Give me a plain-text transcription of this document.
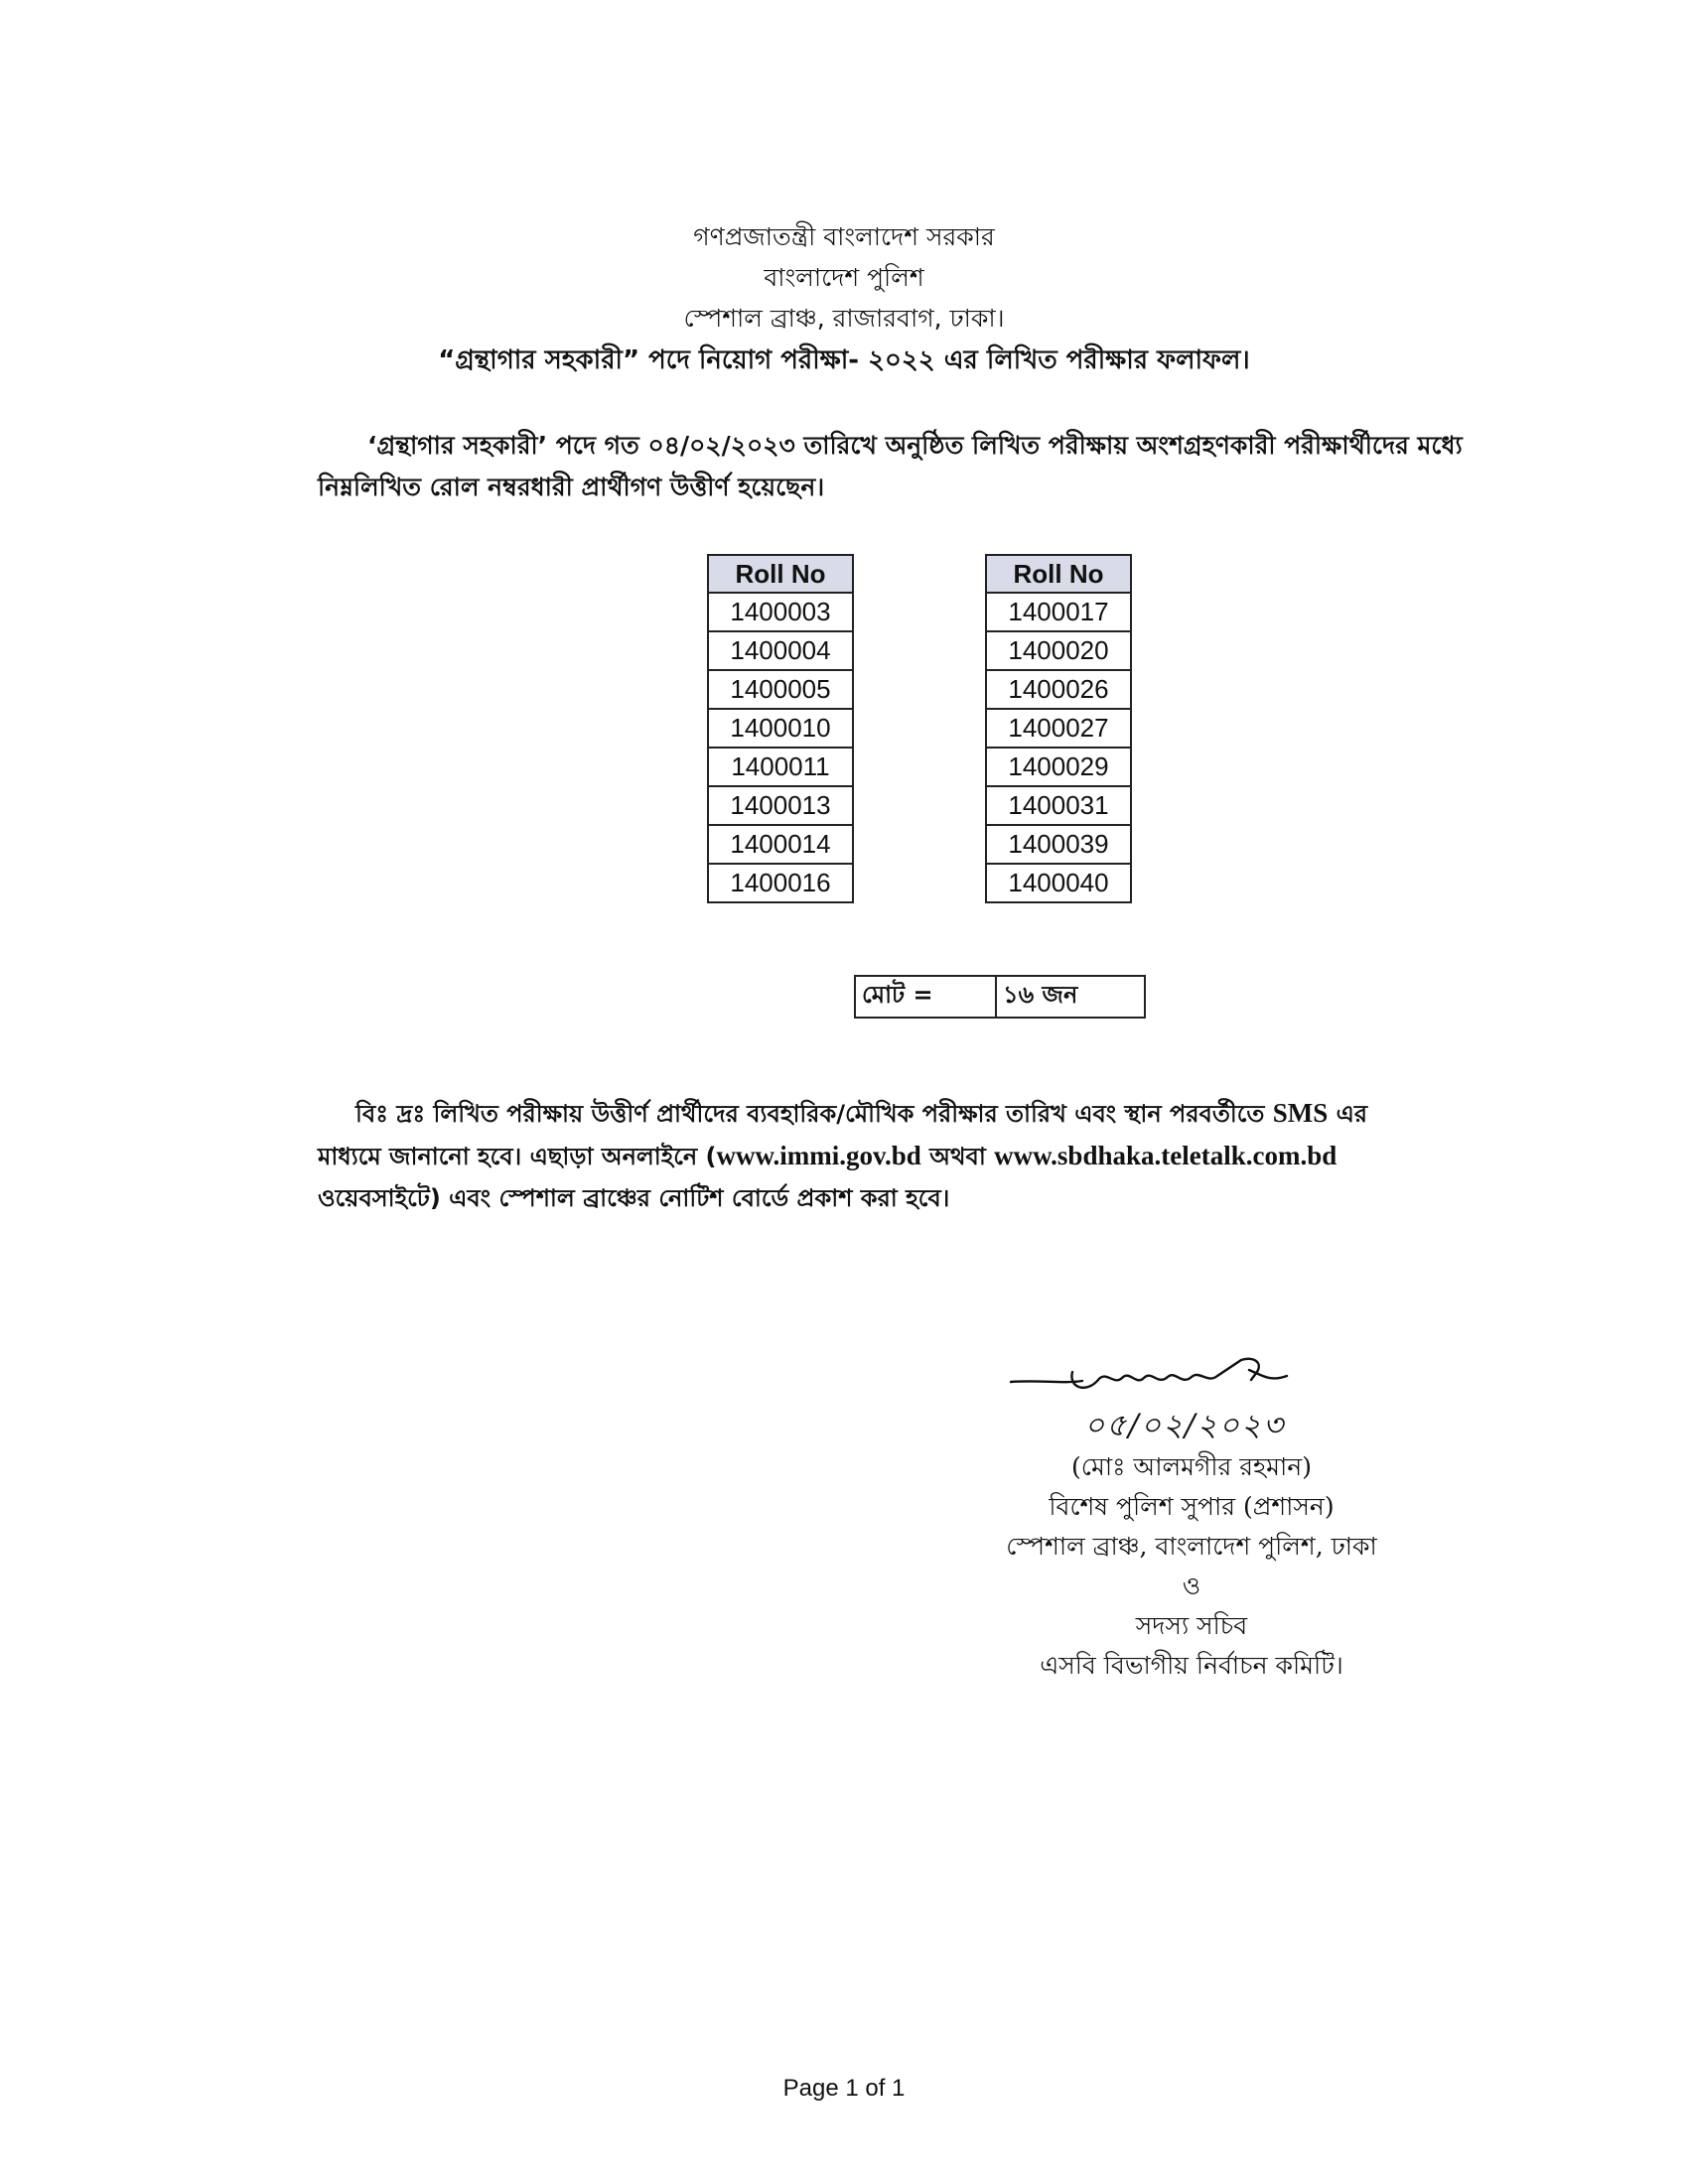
গণপ্রজাতন্ত্রী বাংলাদেশ সরকার
বাংলাদেশ পুলিশ
স্পেশাল ব্রাঞ্চ, রাজারবাগ, ঢাকা।
“গ্রন্থাগার সহকারী” পদে নিয়োগ পরীক্ষা- ২০২২ এর লিখিত পরীক্ষার ফলাফল।
‘গ্রন্থাগার সহকারী’ পদে গত ০৪/০২/২০২৩ তারিখে অনুষ্ঠিত লিখিত পরীক্ষায় অংশগ্রহণকারী পরীক্ষার্থীদের মধ্যে নিম্নলিখিত রোল নম্বরধারী প্রার্থীগণ উত্তীর্ণ হয়েছেন।
Roll No
1400003
1400004
1400005
1400010
1400011
1400013
1400014
1400016
Roll No
1400017
1400020
1400026
1400027
1400029
1400031
1400039
1400040
মোট =	১৬ জন
বিঃ দ্রঃ লিখিত পরীক্ষায় উত্তীর্ণ প্রার্থীদের ব্যবহারিক/মৌখিক পরীক্ষার তারিখ এবং স্থান পরবর্তীতে SMS এর মাধ্যমে জানানো হবে। এছাড়া অনলাইনে (www.immi.gov.bd অথবা www.sbdhaka.teletalk.com.bd ওয়েবসাইটে) এবং স্পেশাল ব্রাঞ্চের নোটিশ বোর্ডে প্রকাশ করা হবে।
০৫/০২/২০২৩
(মোঃ আলমগীর রহমান)
বিশেষ পুলিশ সুপার (প্রশাসন)
স্পেশাল ব্রাঞ্চ, বাংলাদেশ পুলিশ, ঢাকা
ও
সদস্য সচিব
এসবি বিভাগীয় নির্বাচন কমিটি।
Page 1 of 1
